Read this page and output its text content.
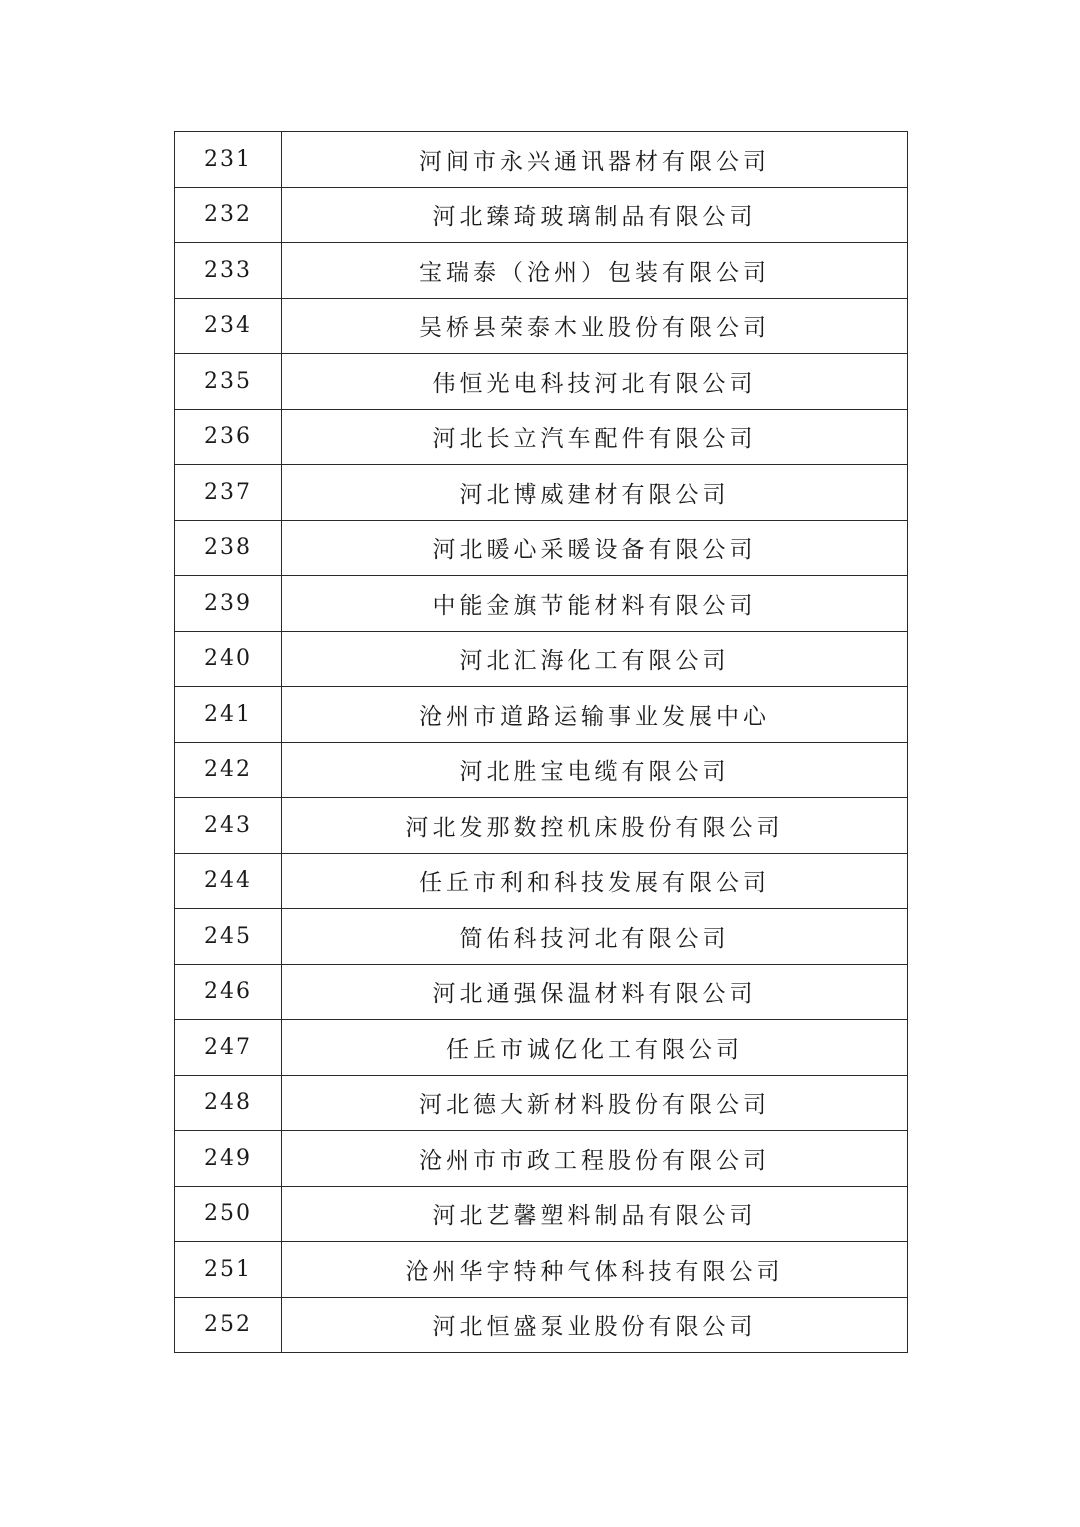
231	河间市永兴通讯器材有限公司
232	河北臻琦玻璃制品有限公司
233	宝瑞泰（沧州）包装有限公司
234	吴桥县荣泰木业股份有限公司
235	伟恒光电科技河北有限公司
236	河北长立汽车配件有限公司
237	河北博威建材有限公司
238	河北暖心采暖设备有限公司
239	中能金旗节能材料有限公司
240	河北汇海化工有限公司
241	沧州市道路运输事业发展中心
242	河北胜宝电缆有限公司
243	河北发那数控机床股份有限公司
244	任丘市利和科技发展有限公司
245	简佑科技河北有限公司
246	河北通强保温材料有限公司
247	任丘市诚亿化工有限公司
248	河北德大新材料股份有限公司
249	沧州市市政工程股份有限公司
250	河北艺馨塑料制品有限公司
251	沧州华宇特种气体科技有限公司
252	河北恒盛泵业股份有限公司
